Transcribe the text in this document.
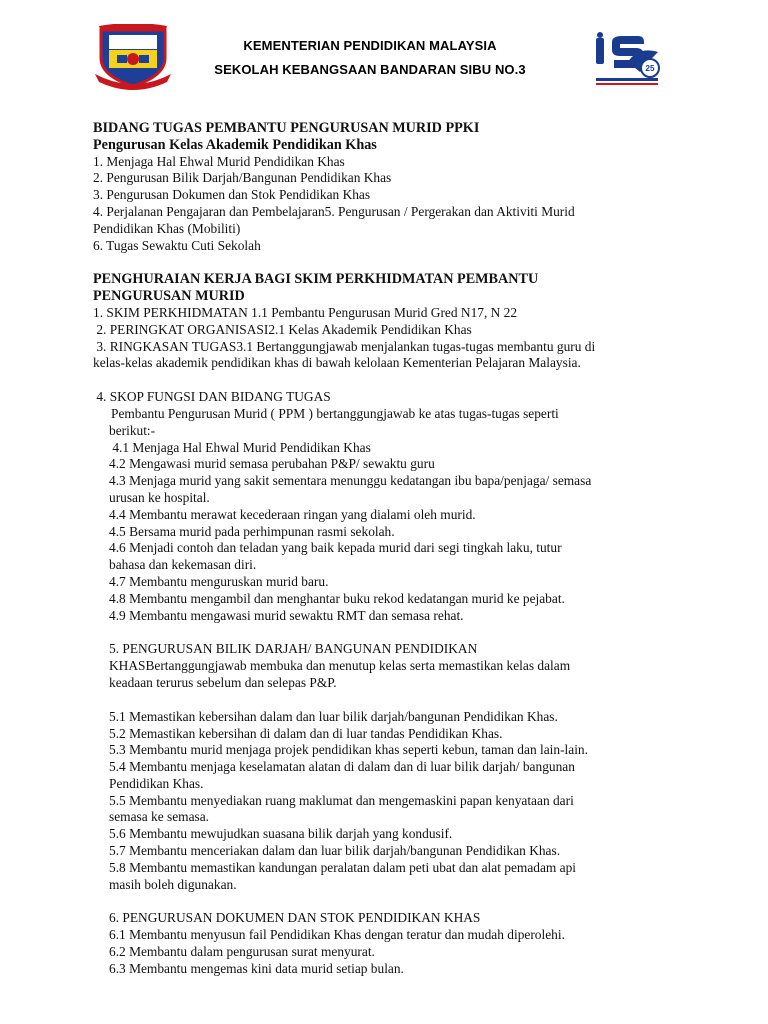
KEMENTERIAN PENDIDIKAN MALAYSIA
SEKOLAH KEBANGSAAN BANDARAN SIBU NO.3	25
BIDANG TUGAS PEMBANTU PENGURUSAN MURID PPKI
Pengurusan Kelas Akademik Pendidikan Khas
1. Menjaga Hal Ehwal Murid Pendidikan Khas
2. Pengurusan Bilik Darjah/Bangunan Pendidikan Khas
3. Pengurusan Dokumen dan Stok Pendidikan Khas
4. Perjalanan Pengajaran dan Pembelajaran5. Pengurusan / Pergerakan dan Aktiviti Murid
Pendidikan Khas (Mobiliti)
6. Tugas Sewaktu Cuti Sekolah
PENGHURAIAN KERJA BAGI SKIM PERKHIDMATAN PEMBANTU
PENGURUSAN MURID
1. SKIM PERKHIDMATAN 1.1 Pembantu Pengurusan Murid Gred N17, N 22
2. PERINGKAT ORGANISASI2.1 Kelas Akademik Pendidikan Khas
3. RINGKASAN TUGAS3.1 Bertanggungjawab menjalankan tugas-tugas membantu guru di
kelas-kelas akademik pendidikan khas di bawah kelolaan Kementerian Pelajaran Malaysia.
4. SKOP FUNGSI DAN BIDANG TUGAS
Pembantu Pengurusan Murid ( PPM ) bertanggungjawab ke atas tugas-tugas seperti
berikut:-
4.1 Menjaga Hal Ehwal Murid Pendidikan Khas
4.2 Mengawasi murid semasa perubahan P&P/ sewaktu guru
4.3 Menjaga murid yang sakit sementara menunggu kedatangan ibu bapa/penjaga/ semasa
urusan ke hospital.
4.4 Membantu merawat kecederaan ringan yang dialami oleh murid.
4.5 Bersama murid pada perhimpunan rasmi sekolah.
4.6 Menjadi contoh dan teladan yang baik kepada murid dari segi tingkah laku, tutur
bahasa dan kekemasan diri.
4.7 Membantu menguruskan murid baru.
4.8 Membantu mengambil dan menghantar buku rekod kedatangan murid ke pejabat.
4.9 Membantu mengawasi murid sewaktu RMT dan semasa rehat.
5. PENGURUSAN BILIK DARJAH/ BANGUNAN PENDIDIKAN
KHASBertanggungjawab membuka dan menutup kelas serta memastikan kelas dalam
keadaan terurus sebelum dan selepas P&P.
5.1 Memastikan kebersihan dalam dan luar bilik darjah/bangunan Pendidikan Khas.
5.2 Memastikan kebersihan di dalam dan di luar tandas Pendidikan Khas.
5.3 Membantu murid menjaga projek pendidikan khas seperti kebun, taman dan lain-lain.
5.4 Membantu menjaga keselamatan alatan di dalam dan di luar bilik darjah/ bangunan
Pendidikan Khas.
5.5 Membantu menyediakan ruang maklumat dan mengemaskini papan kenyataan dari
semasa ke semasa.
5.6 Membantu mewujudkan suasana bilik darjah yang kondusif.
5.7 Membantu menceriakan dalam dan luar bilik darjah/bangunan Pendidikan Khas.
5.8 Membantu memastikan kandungan peralatan dalam peti ubat dan alat pemadam api
masih boleh digunakan.
6. PENGURUSAN DOKUMEN DAN STOK PENDIDIKAN KHAS
6.1 Membantu menyusun fail Pendidikan Khas dengan teratur dan mudah diperolehi.
6.2 Membantu dalam pengurusan surat menyurat.
6.3 Membantu mengemas kini data murid setiap bulan.
